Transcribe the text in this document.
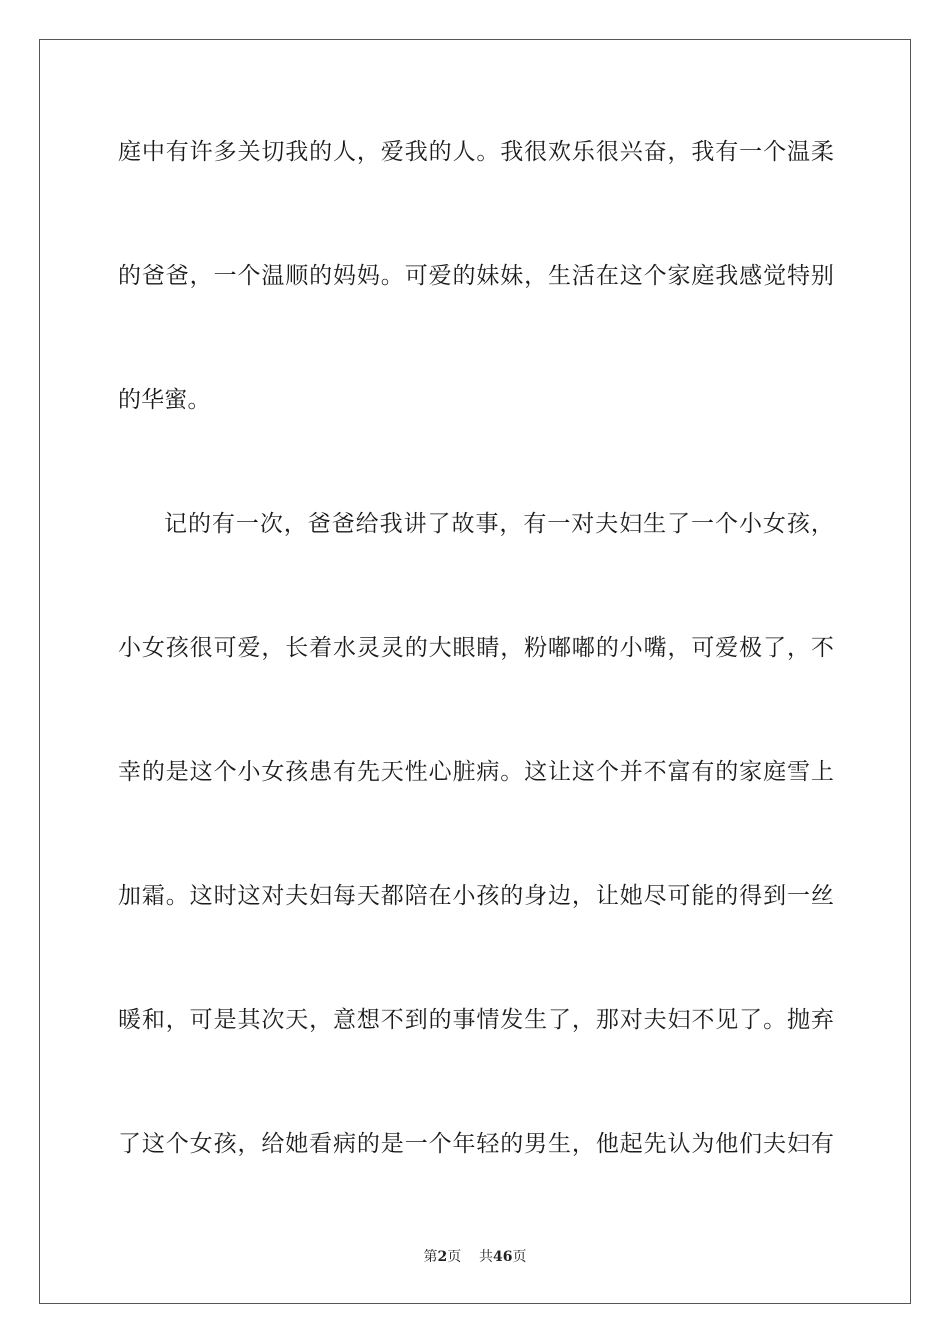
庭中有许多关切我的人，爱我的人。我很欢乐很兴奋，我有一个温柔
的爸爸，一个温顺的妈妈。可爱的妹妹，生活在这个家庭我感觉特别
的华蜜。
记的有一次，爸爸给我讲了故事，有一对夫妇生了一个小女孩，
小女孩很可爱，长着水灵灵的大眼睛，粉嘟嘟的小嘴，可爱极了，不
幸的是这个小女孩患有先天性心脏病。这让这个并不富有的家庭雪上
加霜。这时这对夫妇每天都陪在小孩的身边，让她尽可能的得到一丝
暖和，可是其次天，意想不到的事情发生了，那对夫妇不见了。抛弃
了这个女孩，给她看病的是一个年轻的男生，他起先认为他们夫妇有
第2页 共46页
